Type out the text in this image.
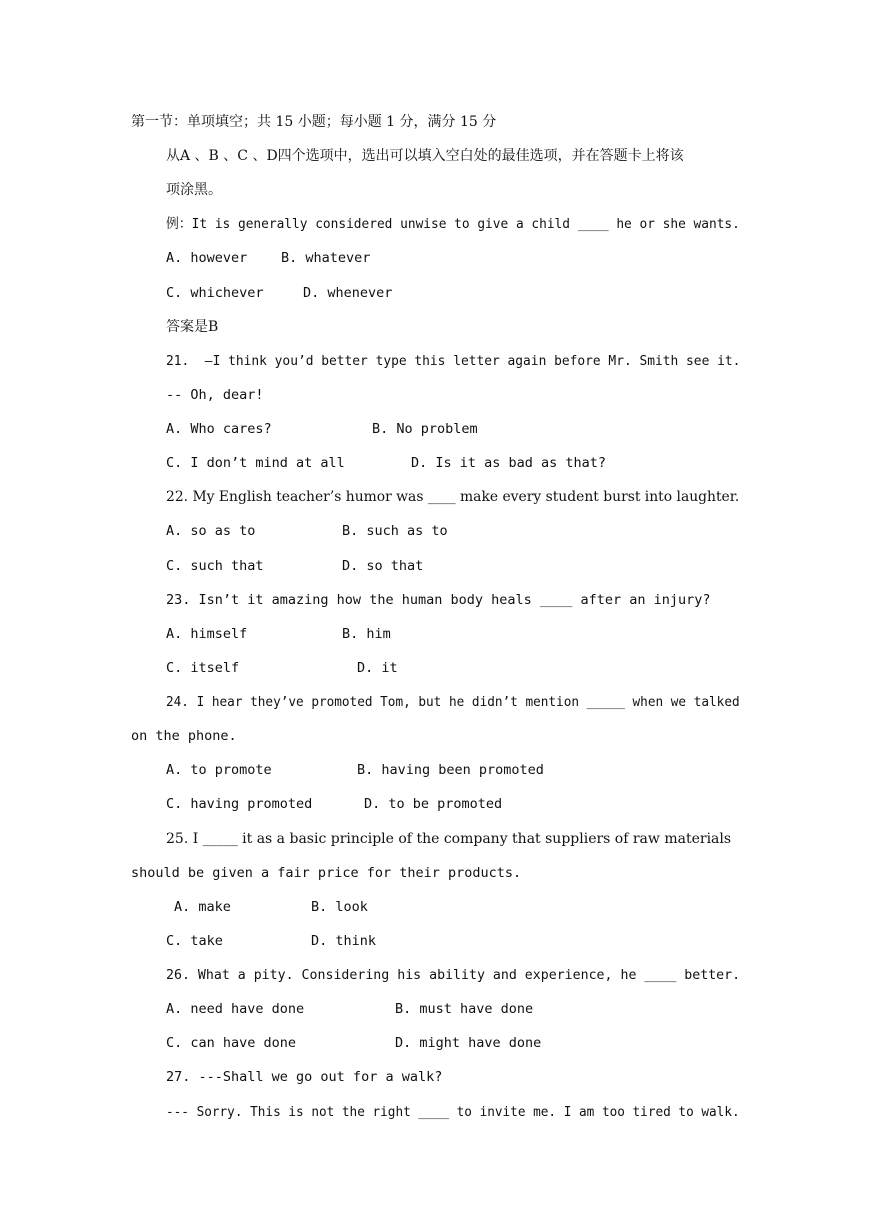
第一节：单项填空；共 15 小题；每小题 1 分，满分 15 分
从A 、B 、C 、D四个选项中，选出可以填入空白处的最佳选项，并在答题卡上将该
项涂黑。
例：It is generally considered unwise to give a child ____ he or she wants.
A. however B. whatever
C. whichever	D. whenever
答案是B
21.  –I think you’d better type this letter again before Mr. Smith see it.
-- Oh, dear!
A. Who cares?	B. No problem
C. I don’t mind at all	D. Is it as bad as that?
22. My English teacher’s humor was ____ make every student burst into laughter.
A. so as to	B. such as to
C. such that	D. so that
23. Isn’t it amazing how the human body heals ____ after an injury?
A. himself	B. him
C. itself	D. it
24. I hear they’ve promoted Tom, but he didn’t mention _____ when we talked
on the phone.
A. to promote	B. having been promoted
C. having promoted	D. to be promoted
25. I _____ it as a basic principle of the company that suppliers of raw materials
should be given a fair price for their products.
A. make	B. look
C. take	D. think
26. What a pity. Considering his ability and experience, he ____ better.
A. need have done	B. must have done
C. can have done	D. might have done
27. ---Shall we go out for a walk?
--- Sorry. This is not the right ____ to invite me. I am too tired to walk.
